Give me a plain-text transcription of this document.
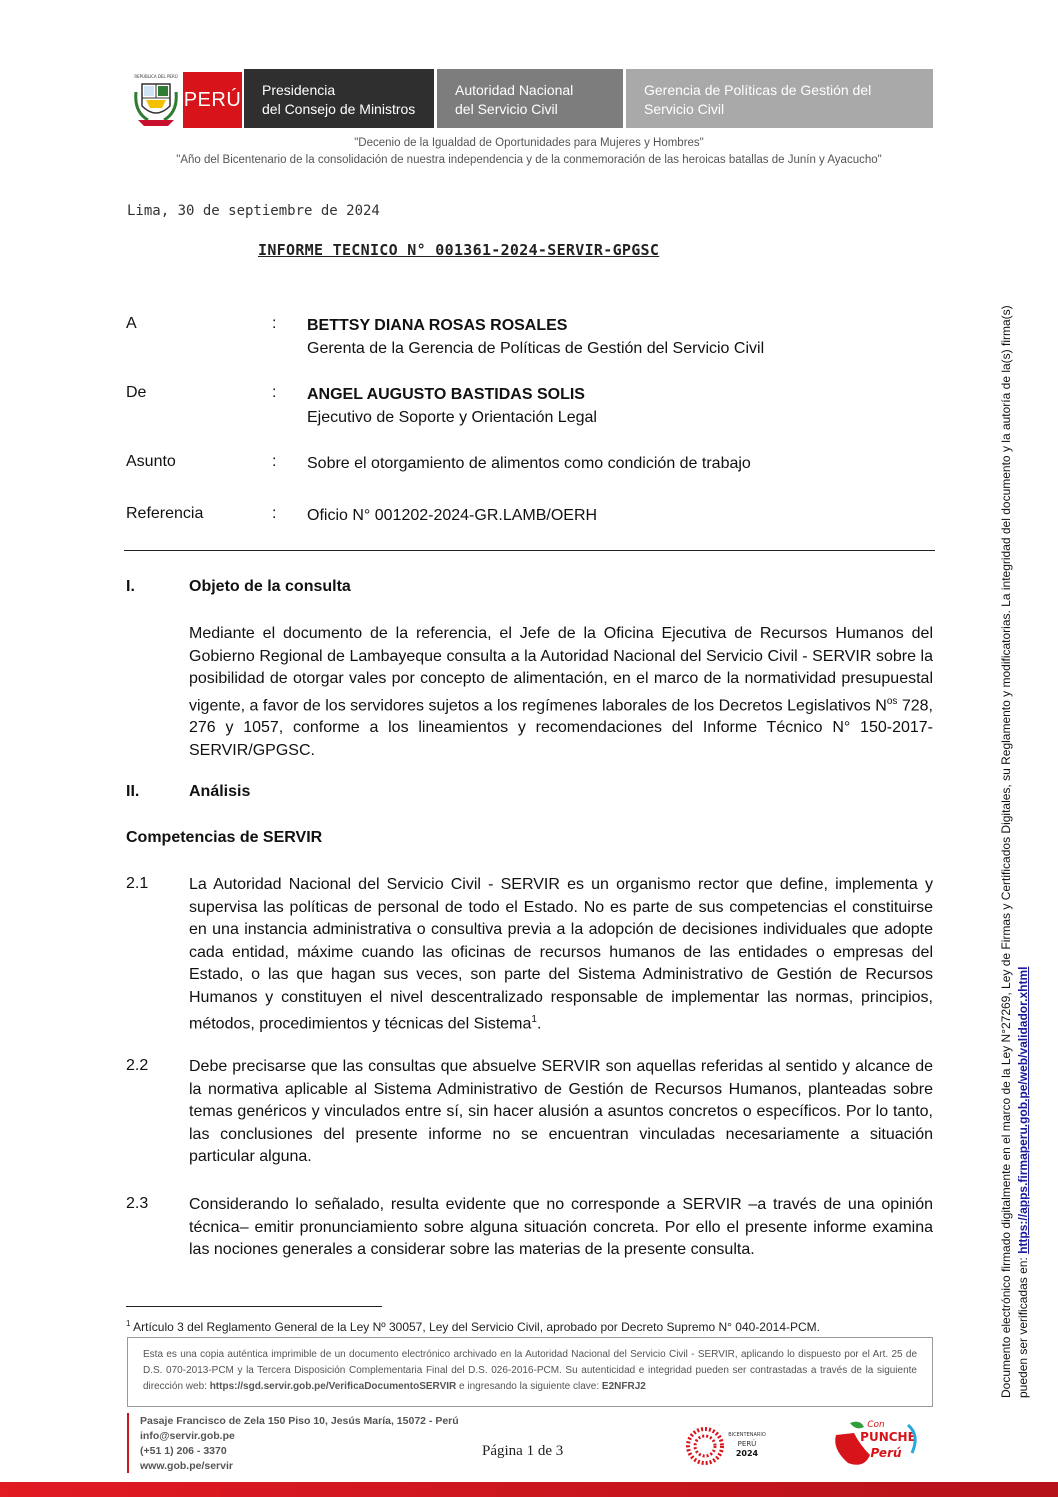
REPÚBLICA DEL PERÚ
PERÚ Presidencia
del Consejo de Ministros
Autoridad Nacional
del Servicio Civil
Gerencia de Políticas de Gestión del
Servicio Civil
"Decenio de la Igualdad de Oportunidades para Mujeres y Hombres"
"Año del Bicentenario de la consolidación de nuestra independencia y de la conmemoración de las heroicas batallas de Junín y Ayacucho"
Lima, 30 de septiembre de 2024
INFORME TECNICO N° 001361-2024-SERVIR-GPGSC
A	: BETTSY DIANA ROSAS ROSALES
Gerenta de la Gerencia de Políticas de Gestión del Servicio Civil
De	: ANGEL AUGUSTO BASTIDAS SOLIS
Ejecutivo de Soporte y Orientación Legal
Asunto	: Sobre el otorgamiento de alimentos como condición de trabajo
Referencia	: Oficio N° 001202-2024-GR.LAMB/OERH
I.	Objeto de la consulta
Mediante el documento de la referencia, el Jefe de la Oficina Ejecutiva de Recursos Humanos del Gobierno Regional de Lambayeque consulta a la Autoridad Nacional del Servicio Civil - SERVIR sobre la posibilidad de otorgar vales por concepto de alimentación, en el marco de la normatividad presupuestal vigente, a favor de los servidores sujetos a los regímenes laborales de los Decretos Legislativos $N^{os}$ 728, 276 y 1057, conforme a los lineamientos y recomendaciones del Informe Técnico N° 150-2017-SERVIR/GPGSC.
II.	Análisis
Competencias de SERVIR
2.1	La Autoridad Nacional del Servicio Civil - SERVIR es un organismo rector que define, implementa y supervisa las políticas de personal de todo el Estado. No es parte de sus competencias el constituirse en una instancia administrativa o consultiva previa a la adopción de decisiones individuales que adopte cada entidad, máxime cuando las oficinas de recursos humanos de las entidades o empresas del Estado, o las que hagan sus veces, son parte del Sistema Administrativo de Gestión de Recursos Humanos y constituyen el nivel descentralizado responsable de implementar las normas, principios, métodos, procedimientos y técnicas del Sistema$^1$.
2.2	Debe precisarse que las consultas que absuelve SERVIR son aquellas referidas al sentido y alcance de la normativa aplicable al Sistema Administrativo de Gestión de Recursos Humanos, planteadas sobre temas genéricos y vinculados entre sí, sin hacer alusión a asuntos concretos o específicos. Por lo tanto, las conclusiones del presente informe no se encuentran vinculadas necesariamente a situación particular alguna.
2.3	Considerando lo señalado, resulta evidente que no corresponde a SERVIR –a través de una opinión técnica– emitir pronunciamiento sobre alguna situación concreta. Por ello el presente informe examina las nociones generales a considerar sobre las materias de la presente consulta.
$^1$ Artículo 3 del Reglamento General de la Ley Nº 30057, Ley del Servicio Civil, aprobado por Decreto Supremo N° 040-2014-PCM.
Esta es una copia auténtica imprimible de un documento electrónico archivado en la Autoridad Nacional del Servicio Civil - SERVIR, aplicando lo dispuesto por el Art. 25 de D.S. 070-2013-PCM y la Tercera Disposición Complementaria Final del D.S. 026-2016-PCM. Su autenticidad e integridad pueden ser contrastadas a través de la siguiente dirección web: https://sgd.servir.gob.pe/VerificaDocumentoSERVIR e ingresando la siguiente clave: E2NFRJ2
Pasaje Francisco de Zela 150 Piso 10, Jesús María, 15072 - Perú
info@servir.gob.pe
(+51 1) 206 - 3370
www.gob.pe/servir
Página 1 de 3
BICENTENARIO
PERÚ
2024
Con
PUNCHE
Perú
Documento electrónico firmado digitalmente en el marco de la Ley N°27269, Ley de Firmas y Certificados Digitales, su Reglamento y modificatorias. La integridad del documento y la autoría de la(s) firma(s) pueden ser verificadas en: https://apps.firmaperu.gob.pe/web/validador.xhtml
